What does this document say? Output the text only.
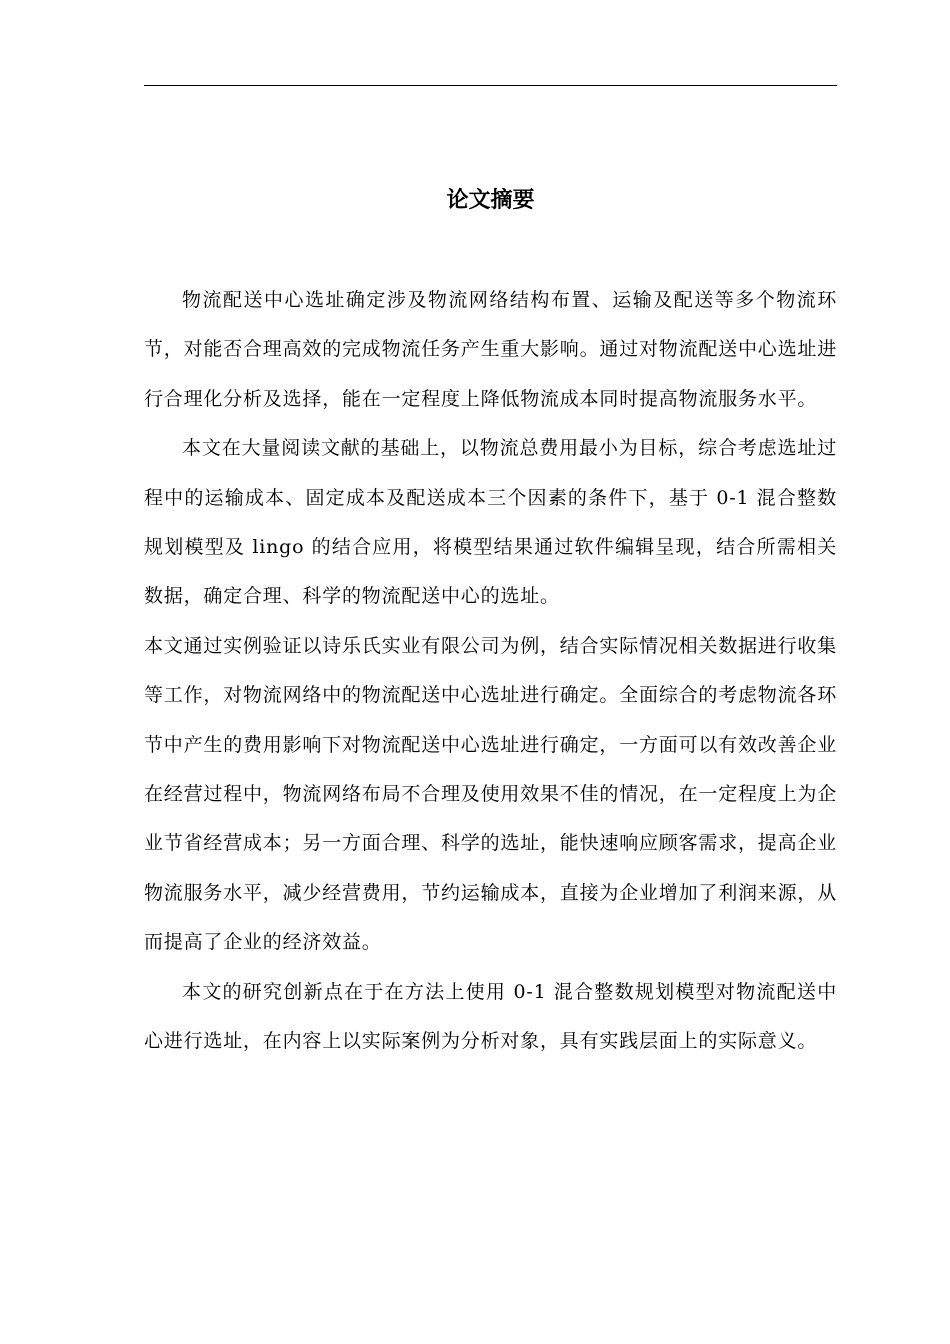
论文摘要

物流配送中心选址确定涉及物流网络结构布置、运输及配送等多个物流环节，对能否合理高效的完成物流任务产生重大影响。通过对物流配送中心选址进行合理化分析及选择，能在一定程度上降低物流成本同时提高物流服务水平。

本文在大量阅读文献的基础上，以物流总费用最小为目标，综合考虑选址过程中的运输成本、固定成本及配送成本三个因素的条件下，基于 0-1 混合整数规划模型及 lingo 的结合应用，将模型结果通过软件编辑呈现，结合所需相关数据，确定合理、科学的物流配送中心的选址。

本文通过实例验证以诗乐氏实业有限公司为例，结合实际情况相关数据进行收集等工作，对物流网络中的物流配送中心选址进行确定。全面综合的考虑物流各环节中产生的费用影响下对物流配送中心选址进行确定，一方面可以有效改善企业在经营过程中，物流网络布局不合理及使用效果不佳的情况，在一定程度上为企业节省经营成本；另一方面合理、科学的选址，能快速响应顾客需求，提高企业物流服务水平，减少经营费用，节约运输成本，直接为企业增加了利润来源，从而提高了企业的经济效益。

本文的研究创新点在于在方法上使用 0-1 混合整数规划模型对物流配送中心进行选址，在内容上以实际案例为分析对象，具有实践层面上的实际意义。
